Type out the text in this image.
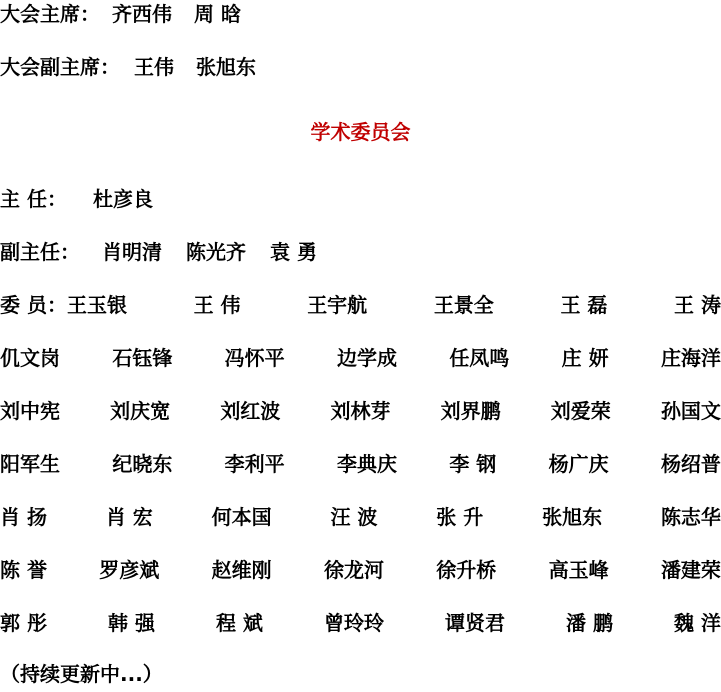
大会主席： 齐西伟 周 晗
大会副主席： 王伟 张旭东
学术委员会
主 任： 杜彦良
副主任： 肖明清 陈光齐 袁 勇
委 员：王玉银	王 伟	王宇航	王景全	王 磊	王 涛
仉文岗	石钰锋	冯怀平	边学成	任凤鸣	庄 妍	庄海洋
刘中宪	刘庆宽	刘红波	刘林芽	刘界鹏	刘爱荣	孙国文
阳军生	纪晓东	李利平	李典庆	李 钢	杨广庆	杨绍普
肖 扬	肖 宏	何本国	汪 波	张 升	张旭东	陈志华
陈 誉	罗彦斌	赵维刚	徐龙河	徐升桥	高玉峰	潘建荣
郭 彤	韩 强	程 斌	曾玲玲	谭贤君	潘 鹏	魏 洋
（持续更新中...）
